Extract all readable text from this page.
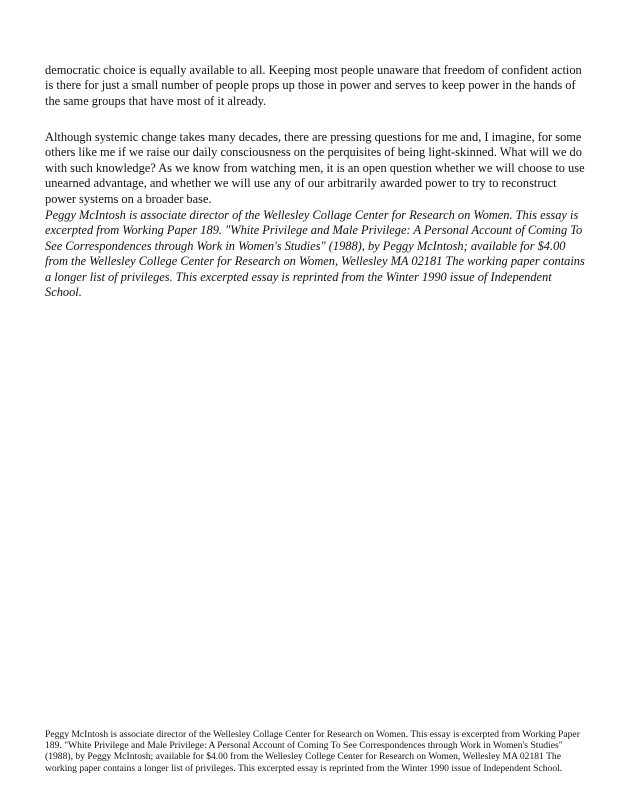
democratic choice is equally available to all. Keeping most people unaware that freedom of confident action is there for just a small number of people props up those in power and serves to keep power in the hands of the same groups that have most of it already.

Although systemic change takes many decades, there are pressing questions for me and, I imagine, for some others like me if we raise our daily consciousness on the perquisites of being light-skinned. What will we do with such knowledge? As we know from watching men, it is an open question whether we will choose to use unearned advantage, and whether we will use any of our arbitrarily awarded power to try to reconstruct power systems on a broader base.

Peggy McIntosh is associate director of the Wellesley Collage Center for Research on Women. This essay is excerpted from Working Paper 189. "White Privilege and Male Privilege: A Personal Account of Coming To See Correspondences through Work in Women's Studies" (1988), by Peggy McIntosh; available for $4.00 from the Wellesley College Center for Research on Women, Wellesley MA 02181 The working paper contains a longer list of privileges. This excerpted essay is reprinted from the Winter 1990 issue of Independent School.

Peggy McIntosh is associate director of the Wellesley Collage Center for Research on Women. This essay is excerpted from Working Paper 189. "White Privilege and Male Privilege: A Personal Account of Coming To See Correspondences through Work in Women's Studies" (1988), by Peggy McIntosh; available for $4.00 from the Wellesley College Center for Research on Women, Wellesley MA 02181 The working paper contains a longer list of privileges. This excerpted essay is reprinted from the Winter 1990 issue of Independent School.
